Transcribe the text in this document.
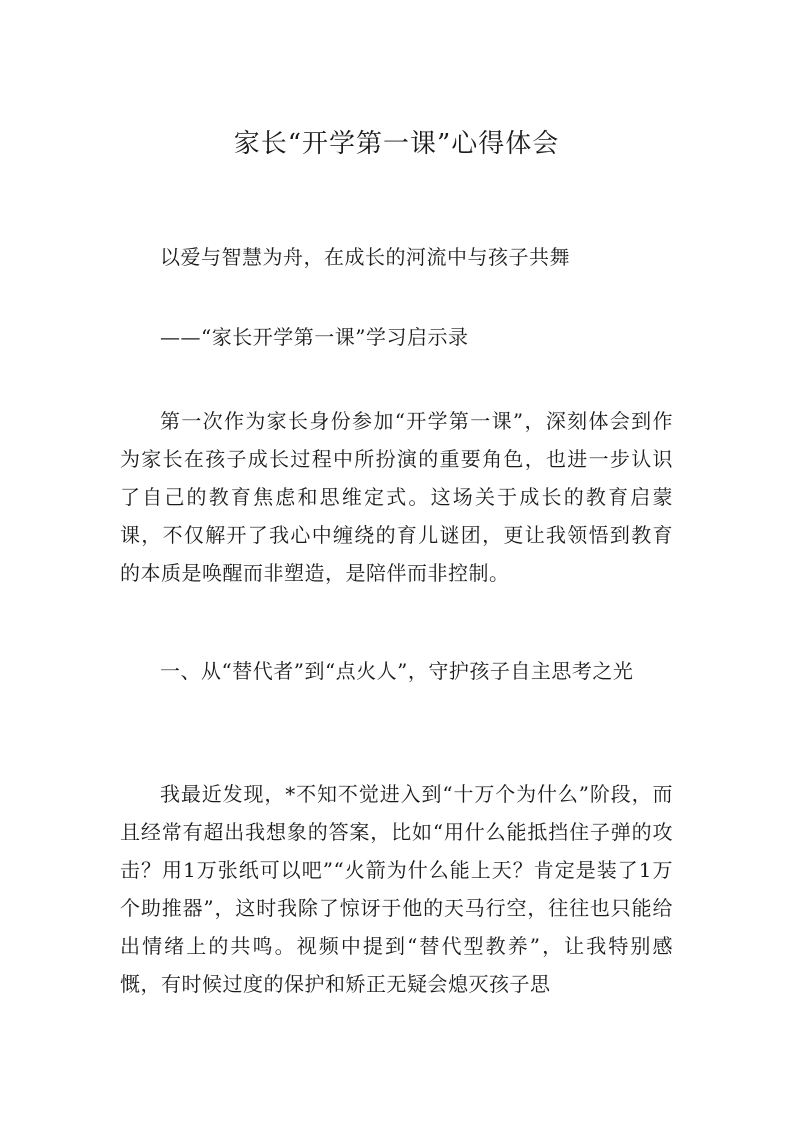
家长“开学第一课”心得体会

以爱与智慧为舟，在成长的河流中与孩子共舞

——“家长开学第一课”学习启示录

第一次作为家长身份参加“开学第一课”，深刻体会到作为家长在孩子成长过程中所扮演的重要角色，也进一步认识了自己的教育焦虑和思维定式。这场关于成长的教育启蒙课，不仅解开了我心中缠绕的育儿谜团，更让我领悟到教育的本质是唤醒而非塑造，是陪伴而非控制。

一、从“替代者”到“点火人”，守护孩子自主思考之光

我最近发现，*不知不觉进入到“十万个为什么”阶段，而且经常有超出我想象的答案，比如“用什么能抵挡住子弹的攻击？用1万张纸可以吧”“火箭为什么能上天？肯定是装了1万个助推器”，这时我除了惊讶于他的天马行空，往往也只能给出情绪上的共鸣。视频中提到“替代型教养”，让我特别感慨，有时候过度的保护和矫正无疑会熄灭孩子思
